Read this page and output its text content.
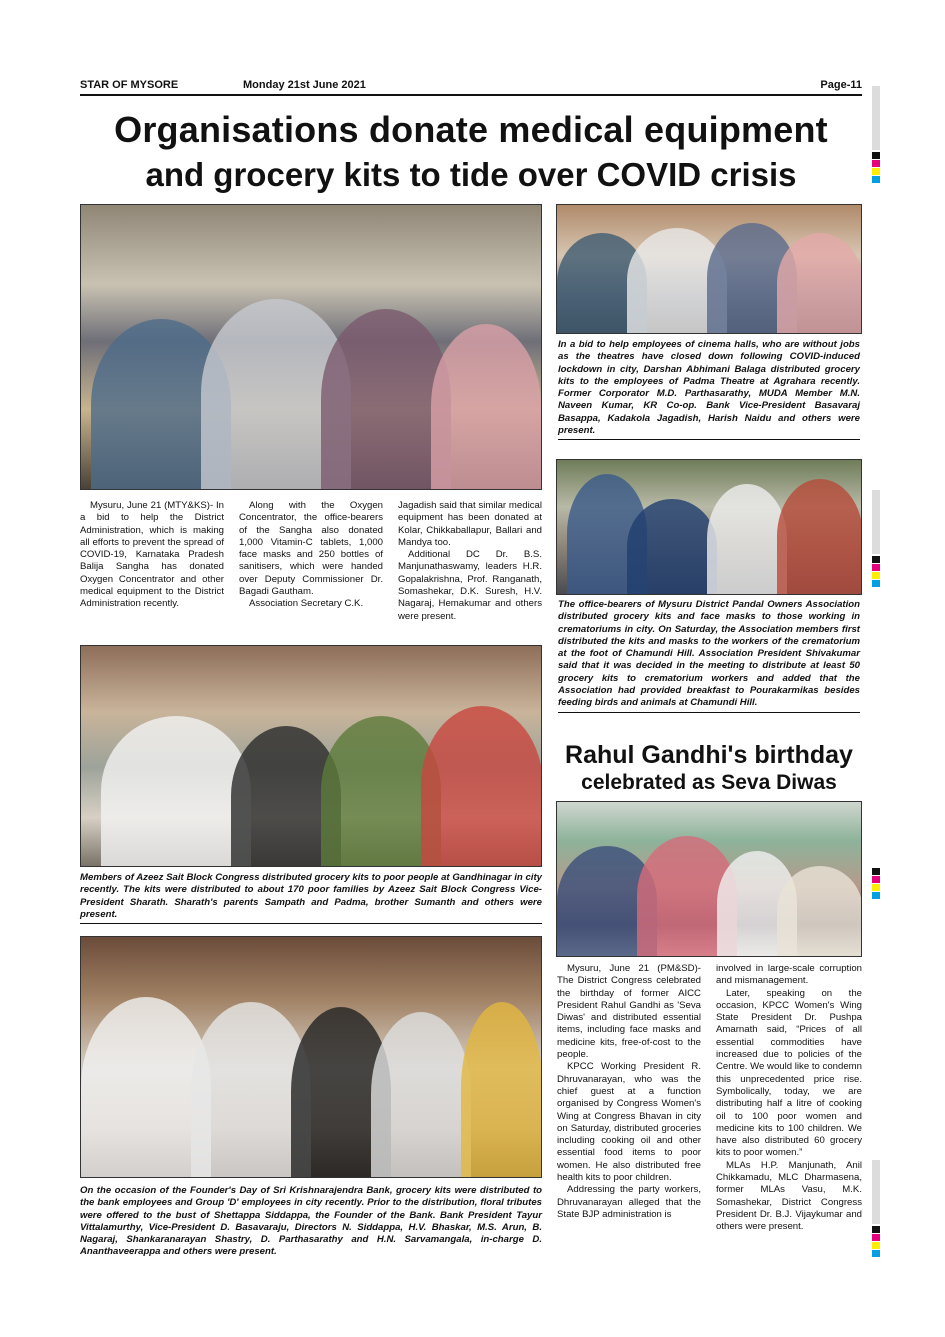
STAR OF MYSORE	Monday 21st June 2021	Page-11
Organisations donate medical equipment
and grocery kits to tide over COVID crisis
In a bid to help employees of cinema halls, who are without jobs as the theatres have closed down following COVID-induced lockdown in city, Darshan Abhimani Balaga distributed grocery kits to the employees of Padma Theatre at Agrahara recently. Former Corporator M.D. Parthasarathy, MUDA Member M.N. Naveen Kumar, KR Co-op. Bank Vice-President Basavaraj Basappa, Kadakola Jagadish, Harish Naidu and others were present.

Mysuru, June 21 (MTY&KS)- In a bid to help the District Administration, which is making all efforts to prevent the spread of COVID-19, Karnataka Pradesh Balija Sangha has donated Oxygen Concentrator and other medical equipment to the District Administration recently.

Along with the Oxygen Concentrator, the office-bearers of the Sangha also donated 1,000 Vitamin-C tablets, 1,000 face masks and 250 bottles of sanitisers, which were handed over Deputy Commissioner Dr. Bagadi Gautham.

Association Secretary C.K.

Jagadish said that similar medical equipment has been donated at Kolar, Chikkaballapur, Ballari and Mandya too.

Additional DC Dr. B.S. Manjunathaswamy, leaders H.R. Gopalakrishna, Prof. Ranganath, Somashekar, D.K. Suresh, H.V. Nagaraj, Hemakumar and others were present.

The office-bearers of Mysuru District Pandal Owners Association distributed grocery kits and face masks to those working in crematoriums in city. On Saturday, the Association members first distributed the kits and masks to the workers of the crematorium at the foot of Chamundi Hill. Association President Shivakumar said that it was decided in the meeting to distribute at least 50 grocery kits to crematorium workers and added that the Association had provided breakfast to Pourakarmikas besides feeding birds and animals at Chamundi Hill.
Members of Azeez Sait Block Congress distributed grocery kits to poor people at Gandhinagar in city recently. The kits were distributed to about 170 poor families by Azeez Sait Block Congress Vice-President Sharath. Sharath's parents Sampath and Padma, brother Sumanth and others were present.
Rahul Gandhi's birthday
celebrated as Seva Diwas

Mysuru, June 21 (PM&SD)- The District Congress celebrated the birthday of former AICC President Rahul Gandhi as 'Seva Diwas' and distributed essential items, including face masks and medicine kits, free-of-cost to the people.

KPCC Working President R. Dhruvanarayan, who was the chief guest at a function organised by Congress Women's Wing at Congress Bhavan in city on Saturday, distributed groceries including cooking oil and other essential food items to poor women. He also distributed free health kits to poor children.

Addressing the party workers, Dhruvanarayan alleged that the State BJP administration is

involved in large-scale corruption and mismanagement.

Later, speaking on the occasion, KPCC Women's Wing State President Dr. Pushpa Amarnath said, “Prices of all essential commodities have increased due to policies of the Centre. We would like to condemn this unprecedented price rise. Symbolically, today, we are distributing half a litre of cooking oil to 100 poor women and medicine kits to 100 children. We have also distributed 60 grocery kits to poor women.”

MLAs H.P. Manjunath, Anil Chikkamadu, MLC Dharmasena, former MLAs Vasu, M.K. Somashekar, District Congress President Dr. B.J. Vijaykumar and others were present.

On the occasion of the Founder's Day of Sri Krishnarajendra Bank, grocery kits were distributed to the bank employees and Group 'D' employees in city recently. Prior to the distribution, floral tributes were offered to the bust of Shettappa Siddappa, the Founder of the Bank. Bank President Tayur Vittalamurthy, Vice-President D. Basavaraju, Directors N. Siddappa, H.V. Bhaskar, M.S. Arun, B. Nagaraj, Shankaranarayan Shastry, D. Parthasarathy and H.N. Sarvamangala, in-charge D. Ananthaveerappa and others were present.
